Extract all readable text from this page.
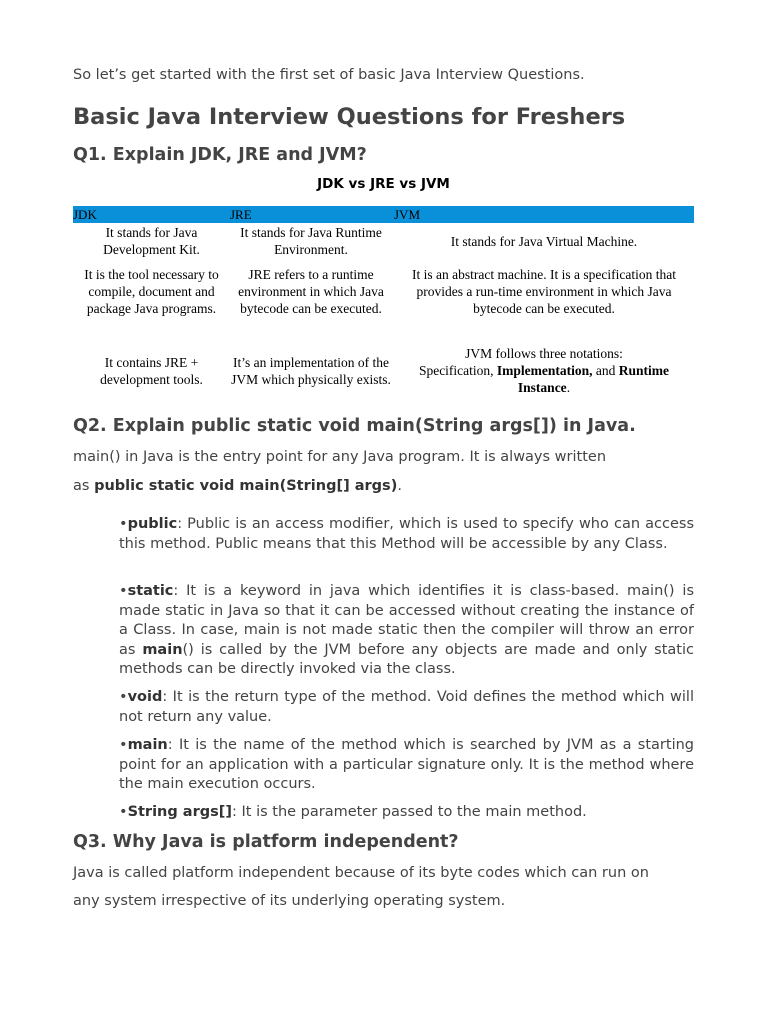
So let’s get started with the first set of basic Java Interview Questions.
Basic Java Interview Questions for Freshers
Q1. Explain JDK, JRE and JVM?
JDK vs JRE vs JVM
JDK	JRE	JVM
It stands for Java Development Kit.
It stands for Java Runtime Environment.
It stands for Java Virtual Machine.
It is the tool necessary to compile, document and package Java programs.
JRE refers to a runtime environment in which Java bytecode can be executed.
It is an abstract machine. It is a specification that provides a run-time environment in which Java bytecode can be executed.
It contains JRE + development tools.
It’s an implementation of the JVM which physically exists.
JVM follows three notations:
Specification, Implementation, and Runtime
Instance.
Q2. Explain public static void main(String args[]) in Java.
main() in Java is the entry point for any Java program. It is always written
as public static void main(String[] args).
•public: Public is an access modifier, which is used to specify who can access this method. Public means that this Method will be accessible by any Class.
•static: It is a keyword in java which identifies it is class-based. main() is made static in Java so that it can be accessed without creating the instance of a Class. In case, main is not made static then the compiler will throw an error as main() is called by the JVM before any objects are made and only static methods can be directly invoked via the class.
•void: It is the return type of the method. Void defines the method which will not return any value.
•main: It is the name of the method which is searched by JVM as a starting point for an application with a particular signature only. It is the method where the main execution occurs.
•String args[]: It is the parameter passed to the main method.
Q3. Why Java is platform independent?
Java is called platform independent because of its byte codes which can run on
any system irrespective of its underlying operating system.
